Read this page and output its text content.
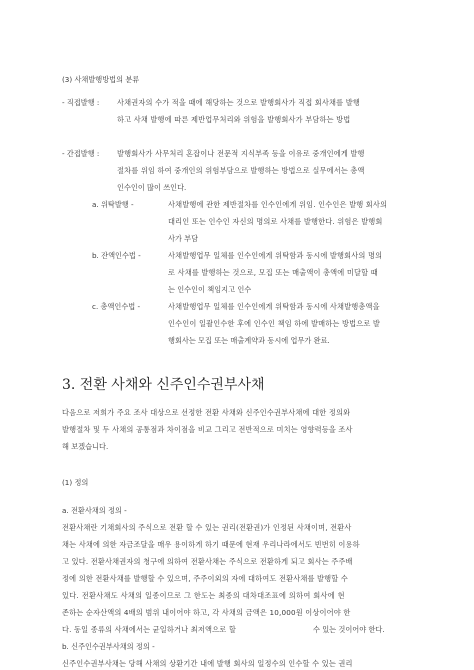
(3) 사채발행방법의 분류
- 직접발행 : 사채권자의 수가 적을 때에 해당하는 것으로 발행회사가 직접 회사채를 발행
하고 사채 발행에 따른 제반업무처리와 위험을 발행회사가 부담하는 방법
- 간접발행 : 발행회사가 사무처리 혼잡이나 전문적 지식부족 등을 이유로 중개인에게 발행
절차를 위임 하여 중개인의 위험부담으로 발행하는 방법으로 실무에서는 총액
인수인이 많이 쓰인다.
a. 위탁발행 -	사채발행에 관한 제반절차를 인수인에게 위임. 인수인은 발행 회사의
대리인 또는 인수인 자신의 명의로 사채를 발행한다. 위험은 발행회
사가 부담
b. 잔액인수법 -	사채발행업무 일체를 인수인에게 위탁함과 동시에 발행회사의 명의
로 사채를 발행하는 것으로, 모집 또는 매출액이 총액에 미달할 때
는 인수인이 책임지고 인수
c. 총액인수법 -	사채발행업무 일체를 인수인에게 위탁함과 동시에 사채발행총액을
인수인이 일괄인수한 후에 인수인 책임 하에 발매하는 방법으로 발
행회사는 모집 또는 매출계약과 동시에 업무가 완료.
3. 전환 사채와 신주인수권부사채
다음으로 저희가 주요 조사 대상으로 선정한 전환 사채와 신주인수권부사채에 대한 정의와
발행절차 및 두 사채의 공통점과 차이점을 비교 그리고 전반적으로 미치는 영향력등을 조사
해 보겠습니다.
(1) 정의
a. 전환사채의 정의 -
전환사채란 기채회사의 주식으로 전환 할 수 있는 권리(전환권)가 인정된 사채이며, 전환사
채는 사채에 의한 자금조달을 매우 용이하게 하기 때문에 현재 우리나라에서도 빈번히 이용하
고 있다. 전환사채권자의 청구에 의하여 전환사채는 주식으로 전환하게 되고 회사는 주주배
정에 의한 전환사채를 발행할 수 있으며, 주주이외의 자에 대하여도 전환사채를 발행할 수
있다. 전환사채도 사채의 일종이므로 그 한도는 최종의 대차대조표에 의하여 회사에 현
존하는 순자산액의 4배의 범위 내이어야 하고, 각 사채의 금액은 10,000원 이상이어야 한
다. 동일 종류의 사채에서는 균일하거나 최저액으로 할	수 있는 것이어야 한다.
b. 신주인수권부사채의 정의 -
신주인수권부사채는 당해 사채의 상환기간 내에 발행 회사의 일정수의 인수할 수 있는 권리
